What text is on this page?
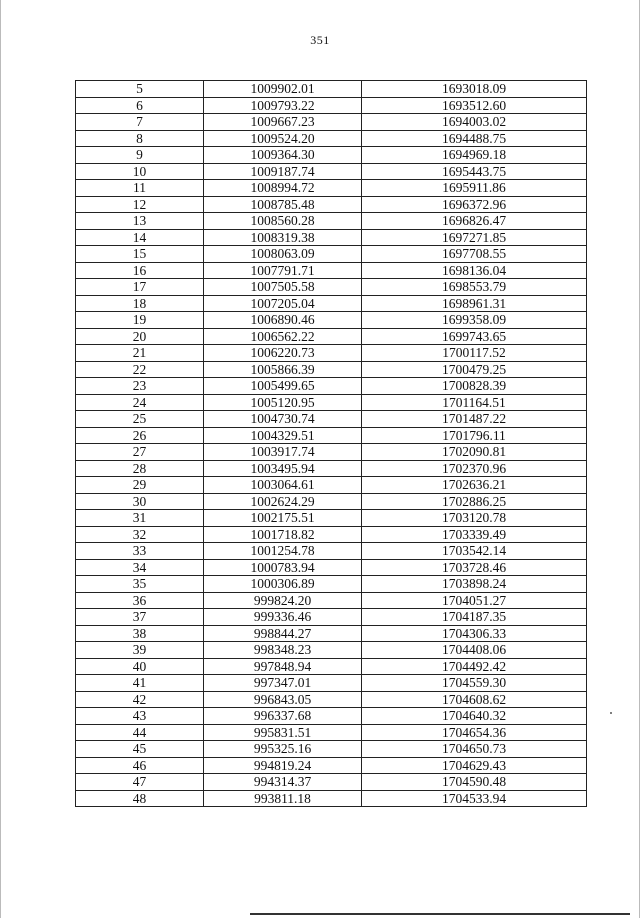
351
5	1009902.01	1693018.09
6	1009793.22	1693512.60
7	1009667.23	1694003.02
8	1009524.20	1694488.75
9	1009364.30	1694969.18
10	1009187.74	1695443.75
11	1008994.72	1695911.86
12	1008785.48	1696372.96
13	1008560.28	1696826.47
14	1008319.38	1697271.85
15	1008063.09	1697708.55
16	1007791.71	1698136.04
17	1007505.58	1698553.79
18	1007205.04	1698961.31
19	1006890.46	1699358.09
20	1006562.22	1699743.65
21	1006220.73	1700117.52
22	1005866.39	1700479.25
23	1005499.65	1700828.39
24	1005120.95	1701164.51
25	1004730.74	1701487.22
26	1004329.51	1701796.11
27	1003917.74	1702090.81
28	1003495.94	1702370.96
29	1003064.61	1702636.21
30	1002624.29	1702886.25
31	1002175.51	1703120.78
32	1001718.82	1703339.49
33	1001254.78	1703542.14
34	1000783.94	1703728.46
35	1000306.89	1703898.24
36	999824.20	1704051.27
37	999336.46	1704187.35
38	998844.27	1704306.33
39	998348.23	1704408.06
40	997848.94	1704492.42
41	997347.01	1704559.30
42	996843.05	1704608.62
43	996337.68	1704640.32
44	995831.51	1704654.36
45	995325.16	1704650.73
46	994819.24	1704629.43
47	994314.37	1704590.48
48	993811.18	1704533.94
